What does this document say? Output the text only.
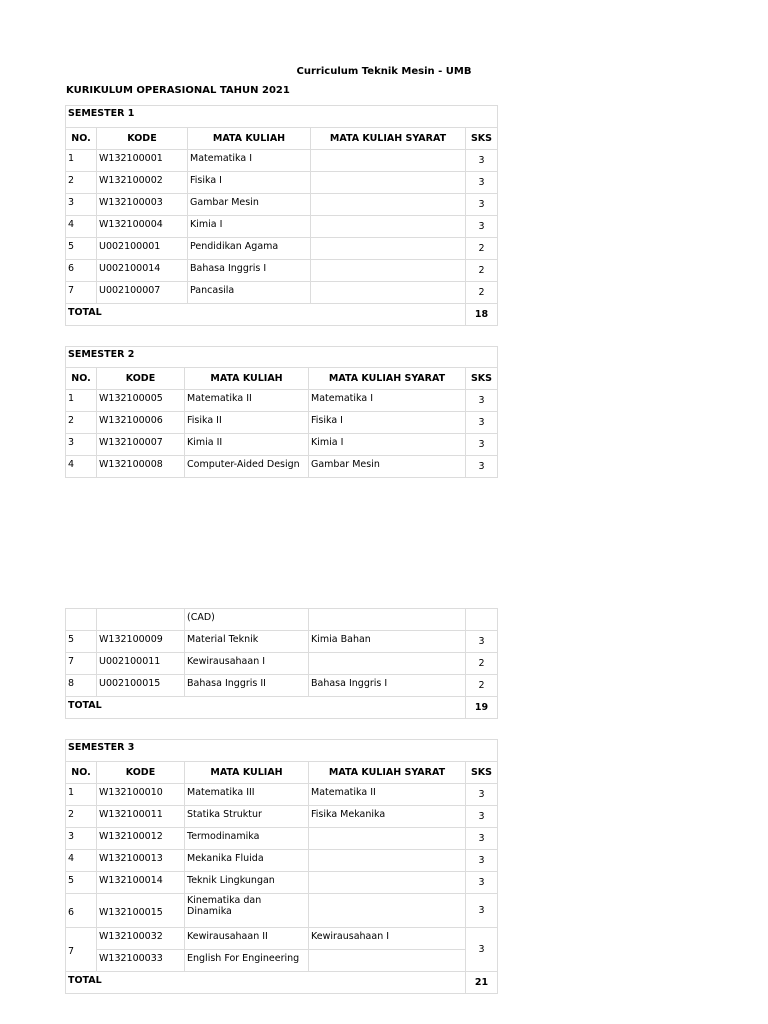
Curriculum Teknik Mesin - UMB
KURIKULUM OPERASIONAL TAHUN 2021
SEMESTER 1				
NO.	KODE	MATA KULIAH	MATA KULIAH SYARAT	SKS
1	W132100001	Matematika I		3
2	W132100002	Fisika I		3
3	W132100003	Gambar Mesin		3
4	W132100004	Kimia I		3
5	U002100001	Pendidikan Agama		2
6	U002100014	Bahasa Inggris I		2
7	U002100007	Pancasila		2
TOTAL				18
SEMESTER 2				
NO.	KODE	MATA KULIAH	MATA KULIAH SYARAT	SKS
1	W132100005	Matematika II	Matematika I	3
2	W132100006	Fisika II	Fisika I	3
3	W132100007	Kimia II	Kimia I	3
4	W132100008	Computer-Aided Design	Gambar Mesin	3
		(CAD)		
5	W132100009	Material Teknik	Kimia Bahan	3
7	U002100011	Kewirausahaan I		2
8	U002100015	Bahasa Inggris II	Bahasa Inggris I	2
TOTAL				19
SEMESTER 3				
NO.	KODE	MATA KULIAH	MATA KULIAH SYARAT	SKS
1	W132100010	Matematika III	Matematika II	3
2	W132100011	Statika Struktur	Fisika Mekanika	3
3	W132100012	Termodinamika		3
4	W132100013	Mekanika Fluida		3
5	W132100014	Teknik Lingkungan		3
6	W132100015	Kinematika dan Dinamika		3
7	W132100032	Kewirausahaan II	Kewirausahaan I	3
	W132100033	English For Engineering		
TOTAL				21
